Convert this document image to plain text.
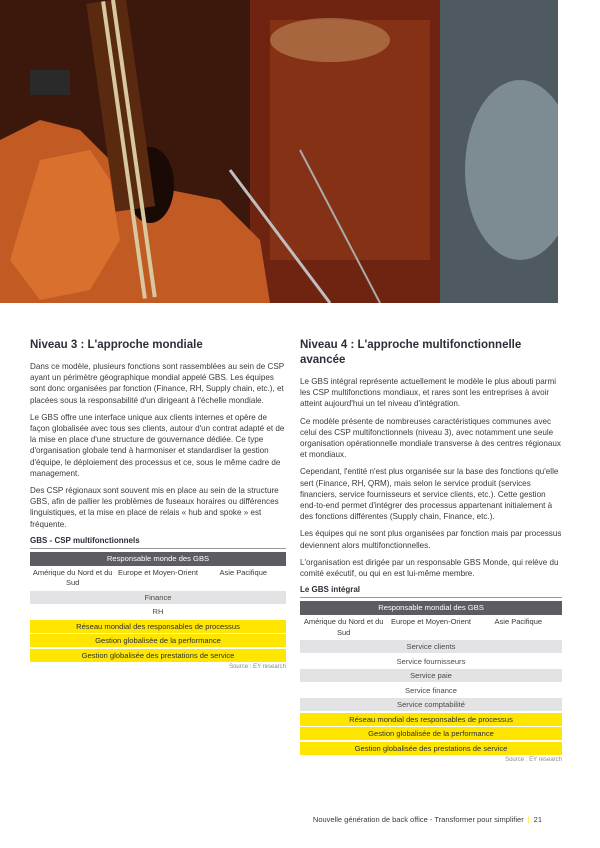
Niveau 3 : L'approche mondiale

Dans ce modèle, plusieurs fonctions sont rassemblées au sein de CSP ayant un périmètre géographique mondial appelé GBS. Les équipes sont donc organisées par fonction (Finance, RH, Supply chain, etc.), et placées sous la responsabilité d'un dirigeant à l'échelle mondiale.

Le GBS offre une interface unique aux clients internes et opère de façon globalisée avec tous ses clients, autour d'un contrat adapté et de la mise en place d'une structure de gouvernance dédiée. Ce type d'organisation globale tend à harmoniser et standardiser la gestion d'équipe, le déploiement des processus et ce, sous le même cadre de management.

Des CSP régionaux sont souvent mis en place au sein de la structure GBS, afin de pallier les problèmes de fuseaux horaires ou différences linguistiques, et la mise en place de relais « hub and spoke » est fréquente.

GBS - CSP multifonctionnels
Responsable monde des GBS
Amérique du Nord et du Sud
Europe et Moyen-Orient	Asie Pacifique
Finance
RH
Réseau mondial des responsables de processus
Gestion globalisée de la performance
Gestion globalisée des prestations de service
Source : EY research
Niveau 4 : L'approche multifonctionnelle avancée

Le GBS intégral représente actuellement le modèle le plus abouti parmi les CSP multifonctions mondiaux, et rares sont les entreprises à avoir atteint aujourd'hui un tel niveau d'intégration.

Ce modèle présente de nombreuses caractéristiques communes avec celui des CSP multifonctionnels (niveau 3), avec notamment une seule organisation opérationnelle mondiale transverse à des centres régionaux et mondiaux.

Cependant, l'entité n'est plus organisée sur la base des fonctions qu'elle sert (Finance, RH, QRM), mais selon le service produit (services financiers, service fournisseurs et service clients, etc.). Cette gestion end-to-end permet d'intégrer des processus appartenant initialement à des fonctions différentes (Supply chain, Finance, etc.).

Les équipes qui ne sont plus organisées par fonction mais par processus deviennent alors multifonctionnelles.

L'organisation est dirigée par un responsable GBS Monde, qui relève du comité exécutif, ou qui en est lui-même membre.

Le GBS intégral
Responsable mondial des GBS
Amérique du Nord et du Sud
Europe et Moyen-Orient	Asie Pacifique
Service clients
Service fournisseurs
Service paie
Service finance
Service comptabilité
Réseau mondial des responsables de processus
Gestion globalisée de la performance
Gestion globalisée des prestations de service
Source : EY research
Nouvelle génération de back office - Transformer pour simplifier | 21
